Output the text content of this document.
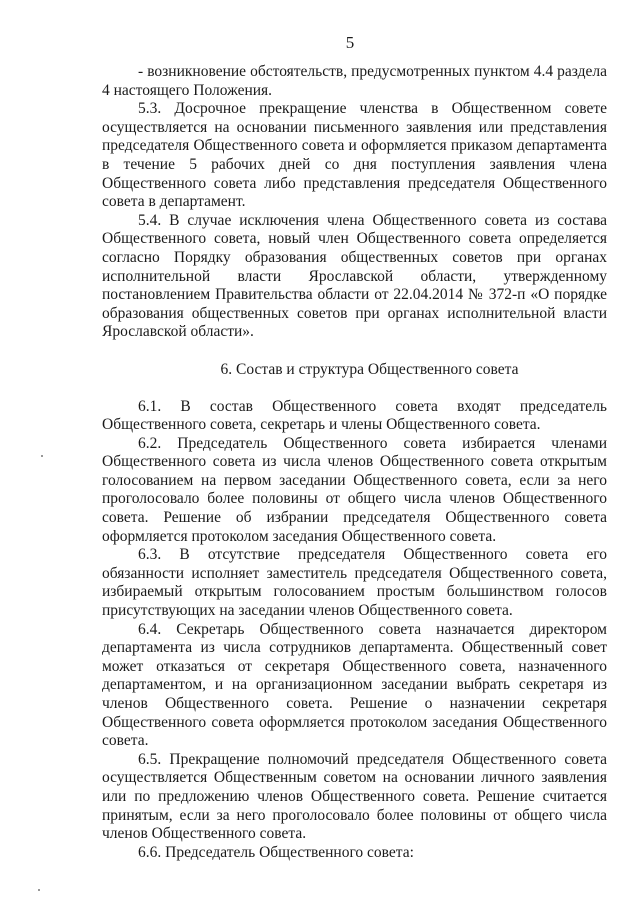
5

- возникновение обстоятельств, предусмотренных пунктом 4.4 раздела 4 настоящего Положения.

5.3. Досрочное прекращение членства в Общественном совете осуществляется на основании письменного заявления или представления председателя Общественного совета и оформляется приказом департамента в течение 5 рабочих дней со дня поступления заявления члена Общественного совета либо представления председателя Общественного совета в департамент.

5.4. В случае исключения члена Общественного совета из состава Общественного совета, новый член Общественного совета определяется согласно Порядку образования общественных советов при органах исполнительной власти Ярославской области, утвержденному постановлением Правительства области от 22.04.2014 № 372-п «О порядке образования общественных советов при органах исполнительной власти Ярославской области».

6. Состав и структура Общественного совета

6.1. В состав Общественного совета входят председатель Общественного совета, секретарь и члены Общественного совета.

6.2. Председатель Общественного совета избирается членами Общественного совета из числа членов Общественного совета открытым голосованием на первом заседании Общественного совета, если за него проголосовало более половины от общего числа членов Общественного совета. Решение об избрании председателя Общественного совета оформляется протоколом заседания Общественного совета.

6.3. В отсутствие председателя Общественного совета его обязанности исполняет заместитель председателя Общественного совета, избираемый открытым голосованием простым большинством голосов присутствующих на заседании членов Общественного совета.

6.4. Секретарь Общественного совета назначается директором департамента из числа сотрудников департамента. Общественный совет может отказаться от секретаря Общественного совета, назначенного департаментом, и на организационном заседании выбрать секретаря из членов Общественного совета. Решение о назначении секретаря Общественного совета оформляется протоколом заседания Общественного совета.

6.5. Прекращение полномочий председателя Общественного совета осуществляется Общественным советом на основании личного заявления или по предложению членов Общественного совета. Решение считается принятым, если за него проголосовало более половины от общего числа членов Общественного совета.

6.6. Председатель Общественного совета:
